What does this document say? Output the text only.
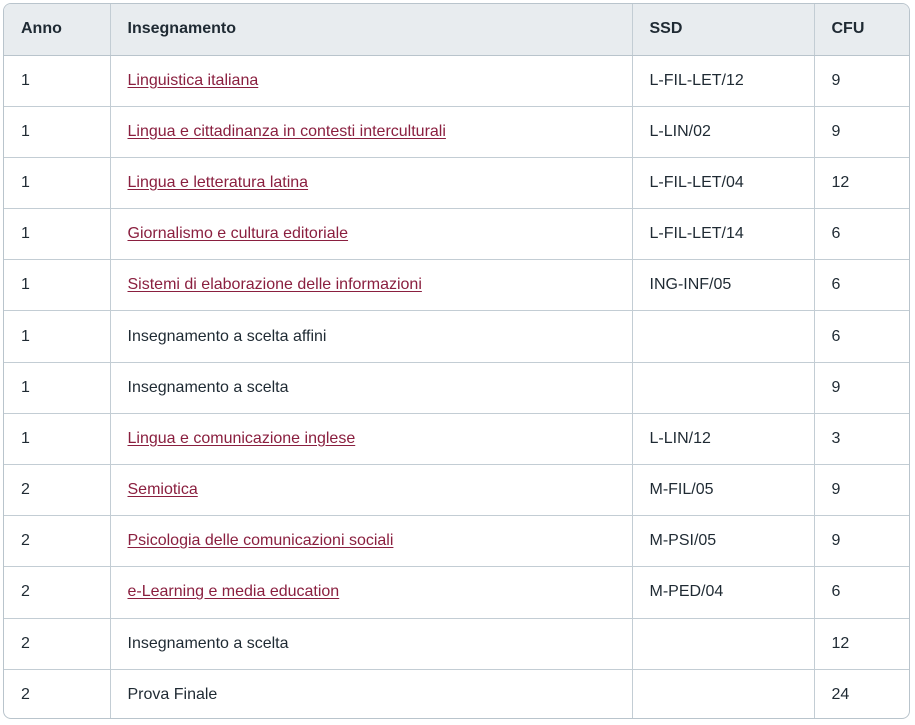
Anno	Insegnamento	SSD	CFU
1	Linguistica italiana	L-FIL-LET/12	9
1	Lingua e cittadinanza in contesti interculturali	L-LIN/02	9
1	Lingua e letteratura latina	L-FIL-LET/04	12
1	Giornalismo e cultura editoriale	L-FIL-LET/14	6
1	Sistemi di elaborazione delle informazioni	ING-INF/05	6
1	Insegnamento a scelta affini		6
1	Insegnamento a scelta		9
1	Lingua e comunicazione inglese	L-LIN/12	3
2	Semiotica	M-FIL/05	9
2	Psicologia delle comunicazioni sociali	M-PSI/05	9
2	e-Learning e media education	M-PED/04	6
2	Insegnamento a scelta		12
2	Prova Finale		24
